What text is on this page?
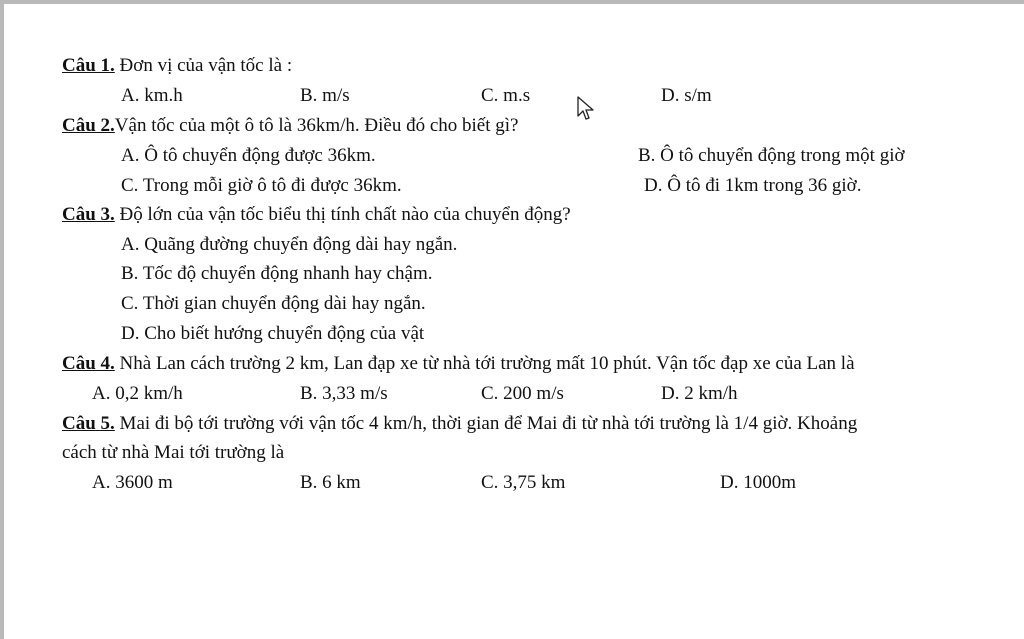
Câu 1. Đơn vị của vận tốc là :
A. km.h	B. m/s	C. m.s	D. s/m
Câu 2.Vận tốc của một ô tô là 36km/h. Điều đó cho biết gì?
A. Ô tô chuyển động được 36km.	B. Ô tô chuyển động trong một giờ
C. Trong mỗi giờ ô tô đi được 36km.	D. Ô tô đi 1km trong 36 giờ.
Câu 3. Độ lớn của vận tốc biểu thị tính chất nào của chuyển động?
A. Quãng đường chuyển động dài hay ngắn.
B. Tốc độ chuyển động nhanh hay chậm.
C. Thời gian chuyển động dài hay ngắn.
D. Cho biết hướng chuyển động của vật
Câu 4. Nhà Lan cách trường 2 km, Lan đạp xe từ nhà tới trường mất 10 phút. Vận tốc đạp xe của Lan là
A. 0,2 km/h	B. 3,33 m/s	C. 200 m/s	D. 2 km/h
Câu 5. Mai đi bộ tới trường với vận tốc 4 km/h, thời gian để Mai đi từ nhà tới trường là 1/4 giờ. Khoảng
cách từ nhà Mai tới trường là
A. 3600 m	B. 6 km	C. 3,75 km	D. 1000m
